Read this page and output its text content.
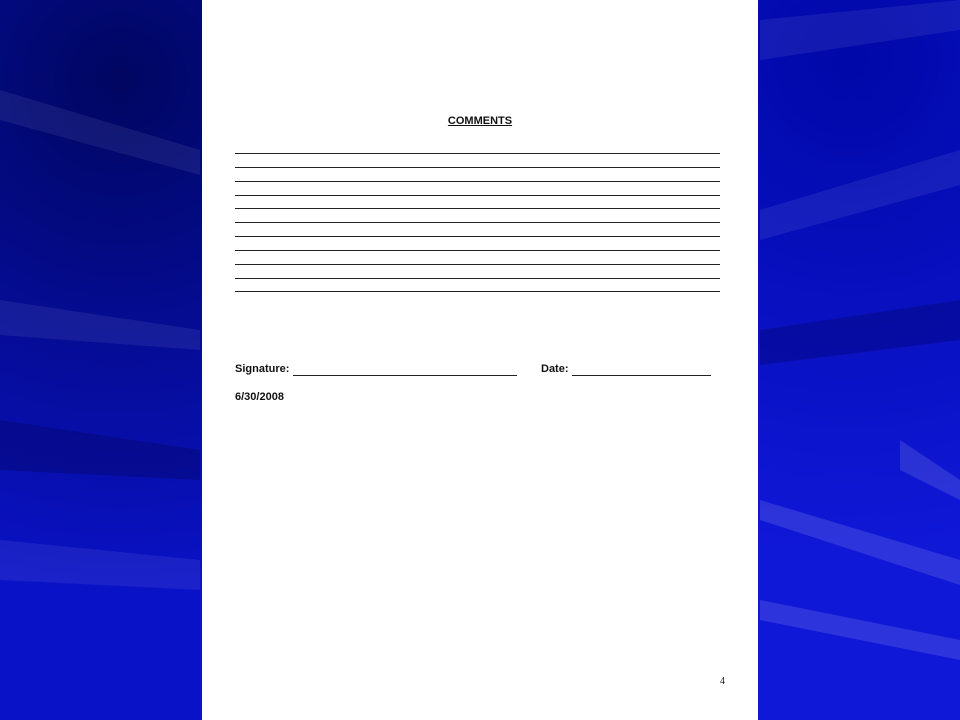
COMMENTS
Signature:	Date:
6/30/2008
4
